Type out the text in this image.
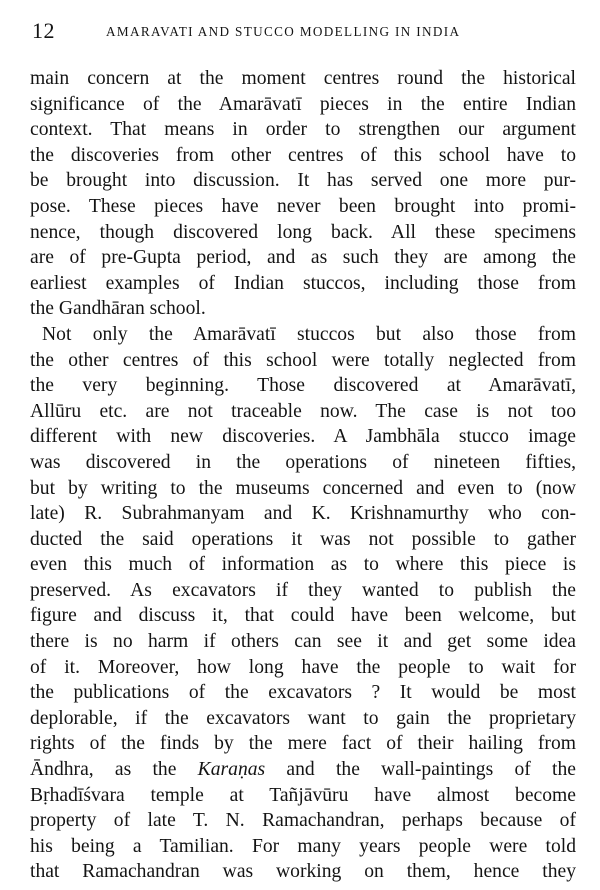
12	AMARAVATI AND STUCCO MODELLING IN INDIA
main concern at the moment centres round the historical
significance of the Amarāvatī pieces in the entire Indian
context. That means in order to strengthen our argument
the discoveries from other centres of this school have to
be brought into discussion. It has served one more pur-
pose. These pieces have never been brought into promi-
nence, though discovered long back. All these specimens
are of pre-Gupta period, and as such they are among the
earliest examples of Indian stuccos, including those from
the Gandhāran school.
Not only the Amarāvatī stuccos but also those from
the other centres of this school were totally neglected from
the very beginning. Those discovered at Amarāvatī,
Allūru etc. are not traceable now. The case is not too
different with new discoveries. A Jambhāla stucco image
was discovered in the operations of nineteen fifties,
but by writing to the museums concerned and even to (now
late) R. Subrahmanyam and K. Krishnamurthy who con-
ducted the said operations it was not possible to gather
even this much of information as to where this piece is
preserved. As excavators if they wanted to publish the
figure and discuss it, that could have been welcome, but
there is no harm if others can see it and get some idea
of it. Moreover, how long have the people to wait for
the publications of the excavators ? It would be most
deplorable, if the excavators want to gain the proprietary
rights of the finds by the mere fact of their hailing from
Āndhra, as the Karaṇas and the wall-paintings of the
Bṛhadīśvara temple at Tañjāvūru have almost become
property of late T. N. Ramachandran, perhaps because of
his being a Tamilian. For many years people were told
that Ramachandran was working on them, hence they
